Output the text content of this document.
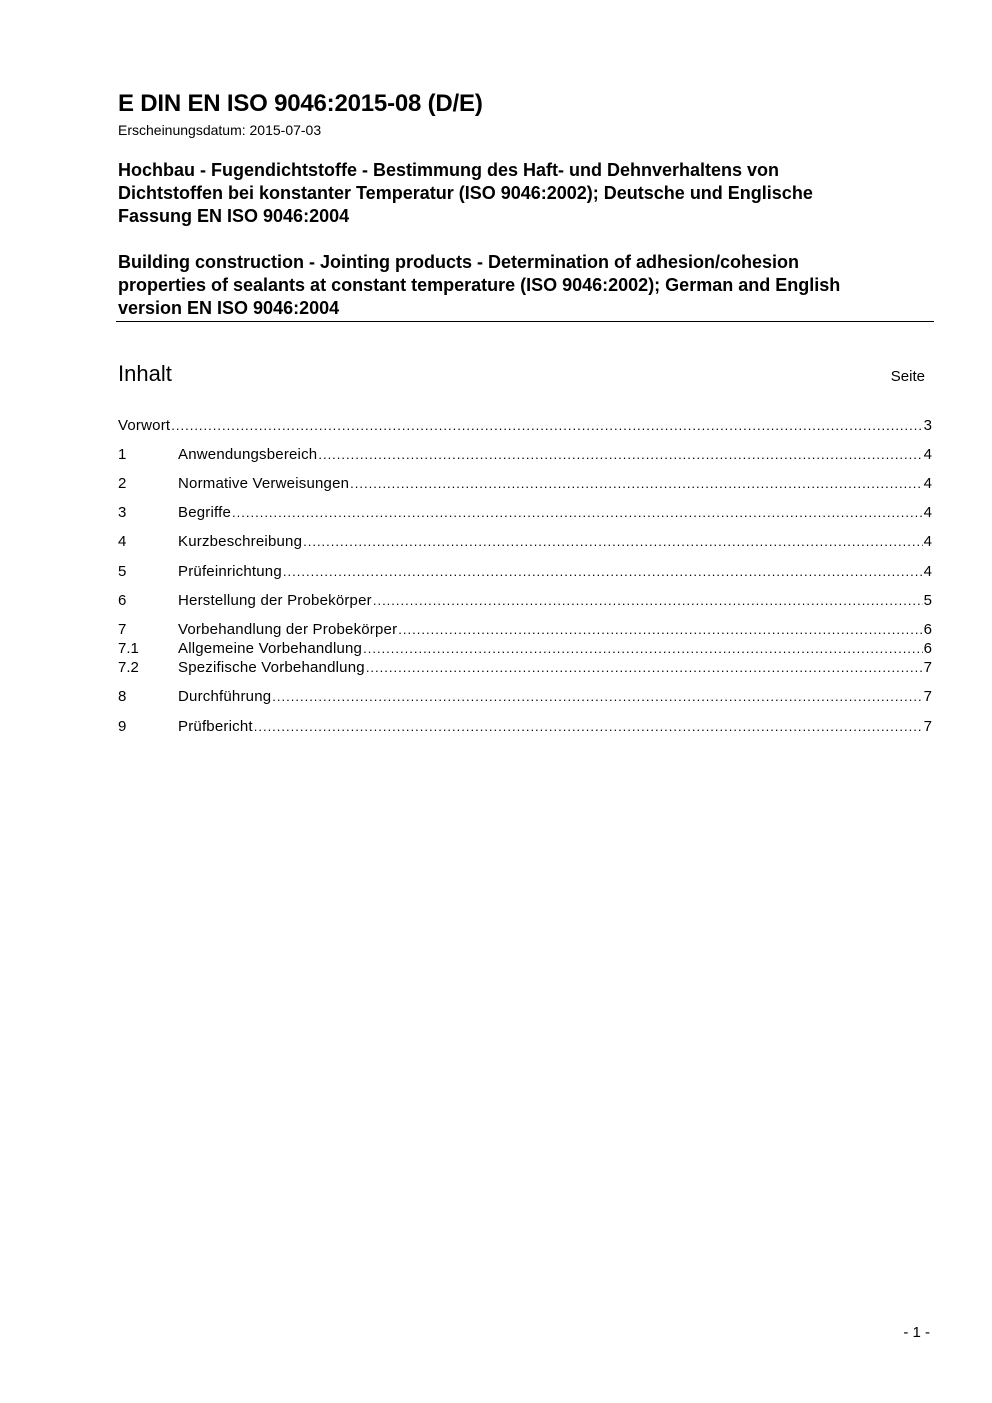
E DIN EN ISO 9046:2015-08 (D/E)
Erscheinungsdatum: 2015-07-03
Hochbau - Fugendichtstoffe - Bestimmung des Haft- und Dehnverhaltens von
Dichtstoffen bei konstanter Temperatur (ISO 9046:2002); Deutsche und Englische
Fassung EN ISO 9046:2004
Building construction - Jointing products - Determination of adhesion/cohesion
properties of sealants at constant temperature (ISO 9046:2002); German and English
version EN ISO 9046:2004
Inhalt	Seite
Vorwort .....	3
1	Anwendungsbereich .....	4
2	Normative Verweisungen .....	4
3	Begriffe .....	4
4	Kurzbeschreibung .....	4
5	Prüfeinrichtung .....	4
6	Herstellung der Probekörper .....	5
7	Vorbehandlung der Probekörper .....	6
7.1	Allgemeine Vorbehandlung .....	6
7.2	Spezifische Vorbehandlung .....	7
8	Durchführung .....	7
9	Prüfbericht .....	7
- 1 -
